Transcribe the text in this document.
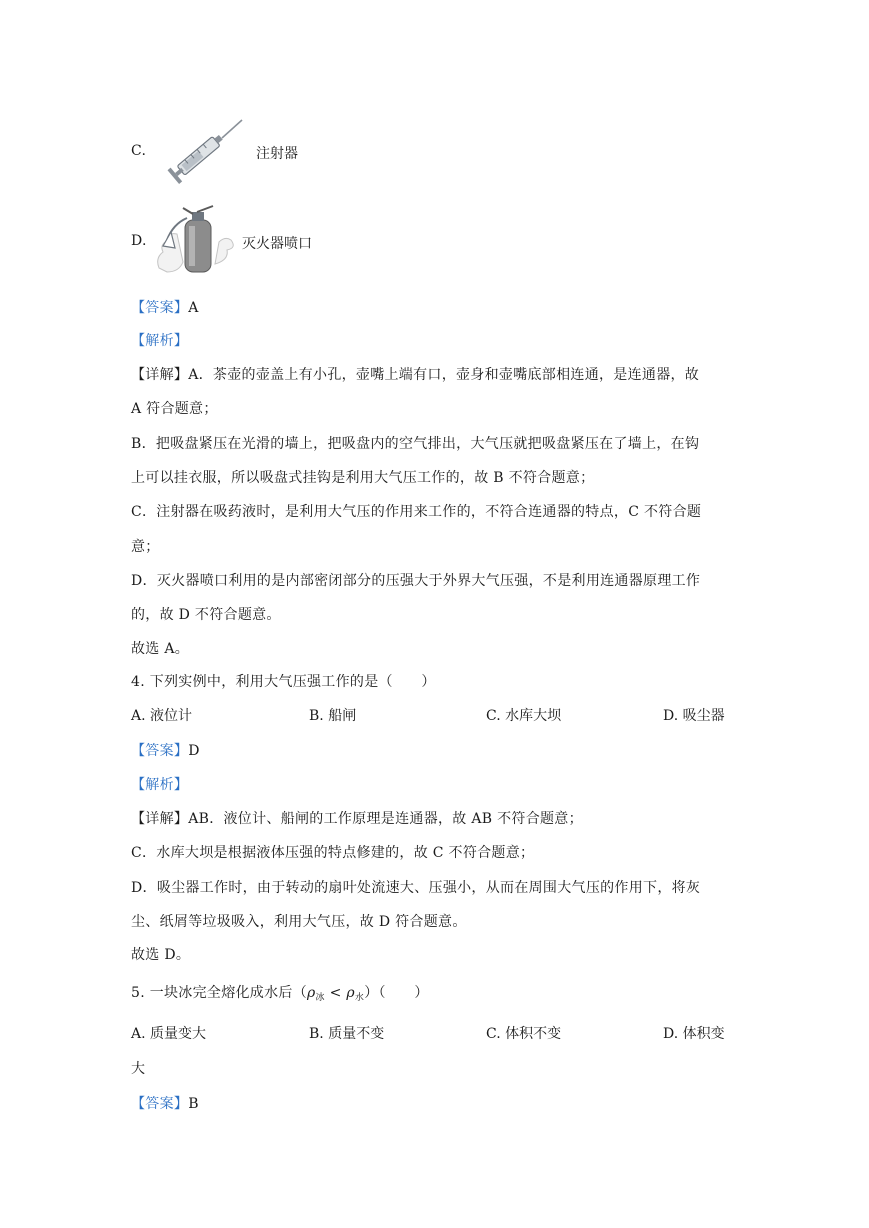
C.	注射器
D.	灭火器喷口
【答案】A
【解析】
【详解】A．茶壶的壶盖上有小孔，壶嘴上端有口，壶身和壶嘴底部相连通，是连通器，故
A 符合题意；
B．把吸盘紧压在光滑的墙上，把吸盘内的空气排出，大气压就把吸盘紧压在了墙上，在钩
上可以挂衣服，所以吸盘式挂钩是利用大气压工作的，故 B 不符合题意；
C．注射器在吸药液时，是利用大气压的作用来工作的，不符合连通器的特点，C 不符合题
意；
D．灭火器喷口利用的是内部密闭部分的压强大于外界大气压强，不是利用连通器原理工作
的，故 D 不符合题意。
故选 A。
4. 下列实例中，利用大气压强工作的是（　　）
A. 液位计	B. 船闸	C. 水库大坝	D. 吸尘器
【答案】D
【解析】
【详解】AB．液位计、船闸的工作原理是连通器，故 AB 不符合题意；
C．水库大坝是根据液体压强的特点修建的，故 C 不符合题意；
D．吸尘器工作时，由于转动的扇叶处流速大、压强小，从而在周围大气压的作用下，将灰
尘、纸屑等垃圾吸入，利用大气压，故 D 符合题意。
故选 D。
5. 一块冰完全熔化成水后$(\rho_冰 < \rho_水)$（　　）
A. 质量变大	B. 质量不变	C. 体积不变	D. 体积变
大
【答案】B
